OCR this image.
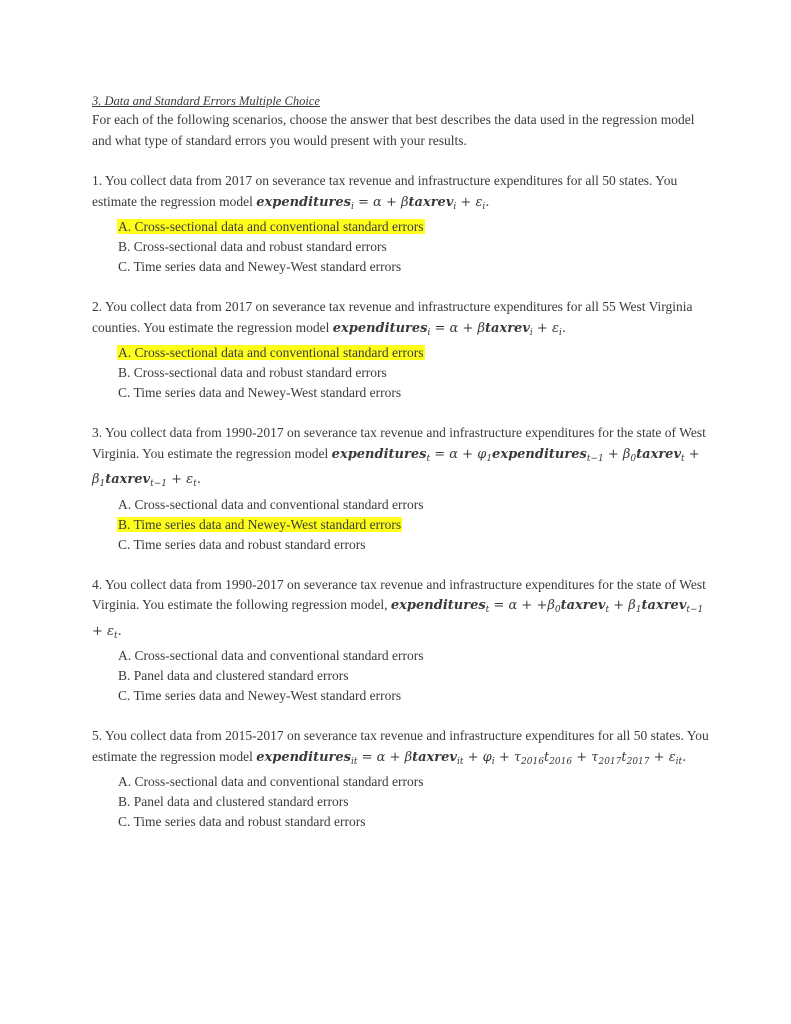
3. Data and Standard Errors Multiple Choice

For each of the following scenarios, choose the answer that best describes the data used in the regression model and what type of standard errors you would present with your results.

1. You collect data from 2017 on severance tax revenue and infrastructure expenditures for all 50 states. You estimate the regression model expenditures$_i$ = α + βtaxrev$_i$ + $\varepsilon_i$.

A. Cross-sectional data and conventional standard errors
B. Cross-sectional data and robust standard errors
C. Time series data and Newey-West standard errors

2. You collect data from 2017 on severance tax revenue and infrastructure expenditures for all 55 West Virginia counties. You estimate the regression model expenditures$_i$ = α + βtaxrev$_i$ + $\varepsilon_i$.

A. Cross-sectional data and conventional standard errors
B. Cross-sectional data and robust standard errors
C. Time series data and Newey-West standard errors

3. You collect data from 1990-2017 on severance tax revenue and infrastructure expenditures for the state of West Virginia. You estimate the regression model expenditures$_t$ = $\alpha + \varphi_1expenditures_{t-1}$ + $\beta_0taxrev_t$ + $\beta_1taxrev_{t-1} + \varepsilon_t$.

A. Cross-sectional data and conventional standard errors
B. Time series data and Newey-West standard errors
C. Time series data and robust standard errors

4. You collect data from 1990-2017 on severance tax revenue and infrastructure expenditures for the state of West Virginia. You estimate the following regression model, expenditures$_t$ = $\alpha + +\beta_0taxrev_t$ + $\beta_1taxrev_{t-1} + \varepsilon_t$.

A. Cross-sectional data and conventional standard errors
B. Panel data and clustered standard errors
C. Time series data and Newey-West standard errors

5. You collect data from 2015-2017 on severance tax revenue and infrastructure expenditures for all 50 states. You estimate the regression model expenditures$_{it}$ = α + βtaxrev$_{it}$ + $\varphi_i + \tau_{2016}t_{2016} + \tau_{2017}t_{2017} + \varepsilon_{it}$.

A. Cross-sectional data and conventional standard errors
B. Panel data and clustered standard errors
C. Time series data and robust standard errors
